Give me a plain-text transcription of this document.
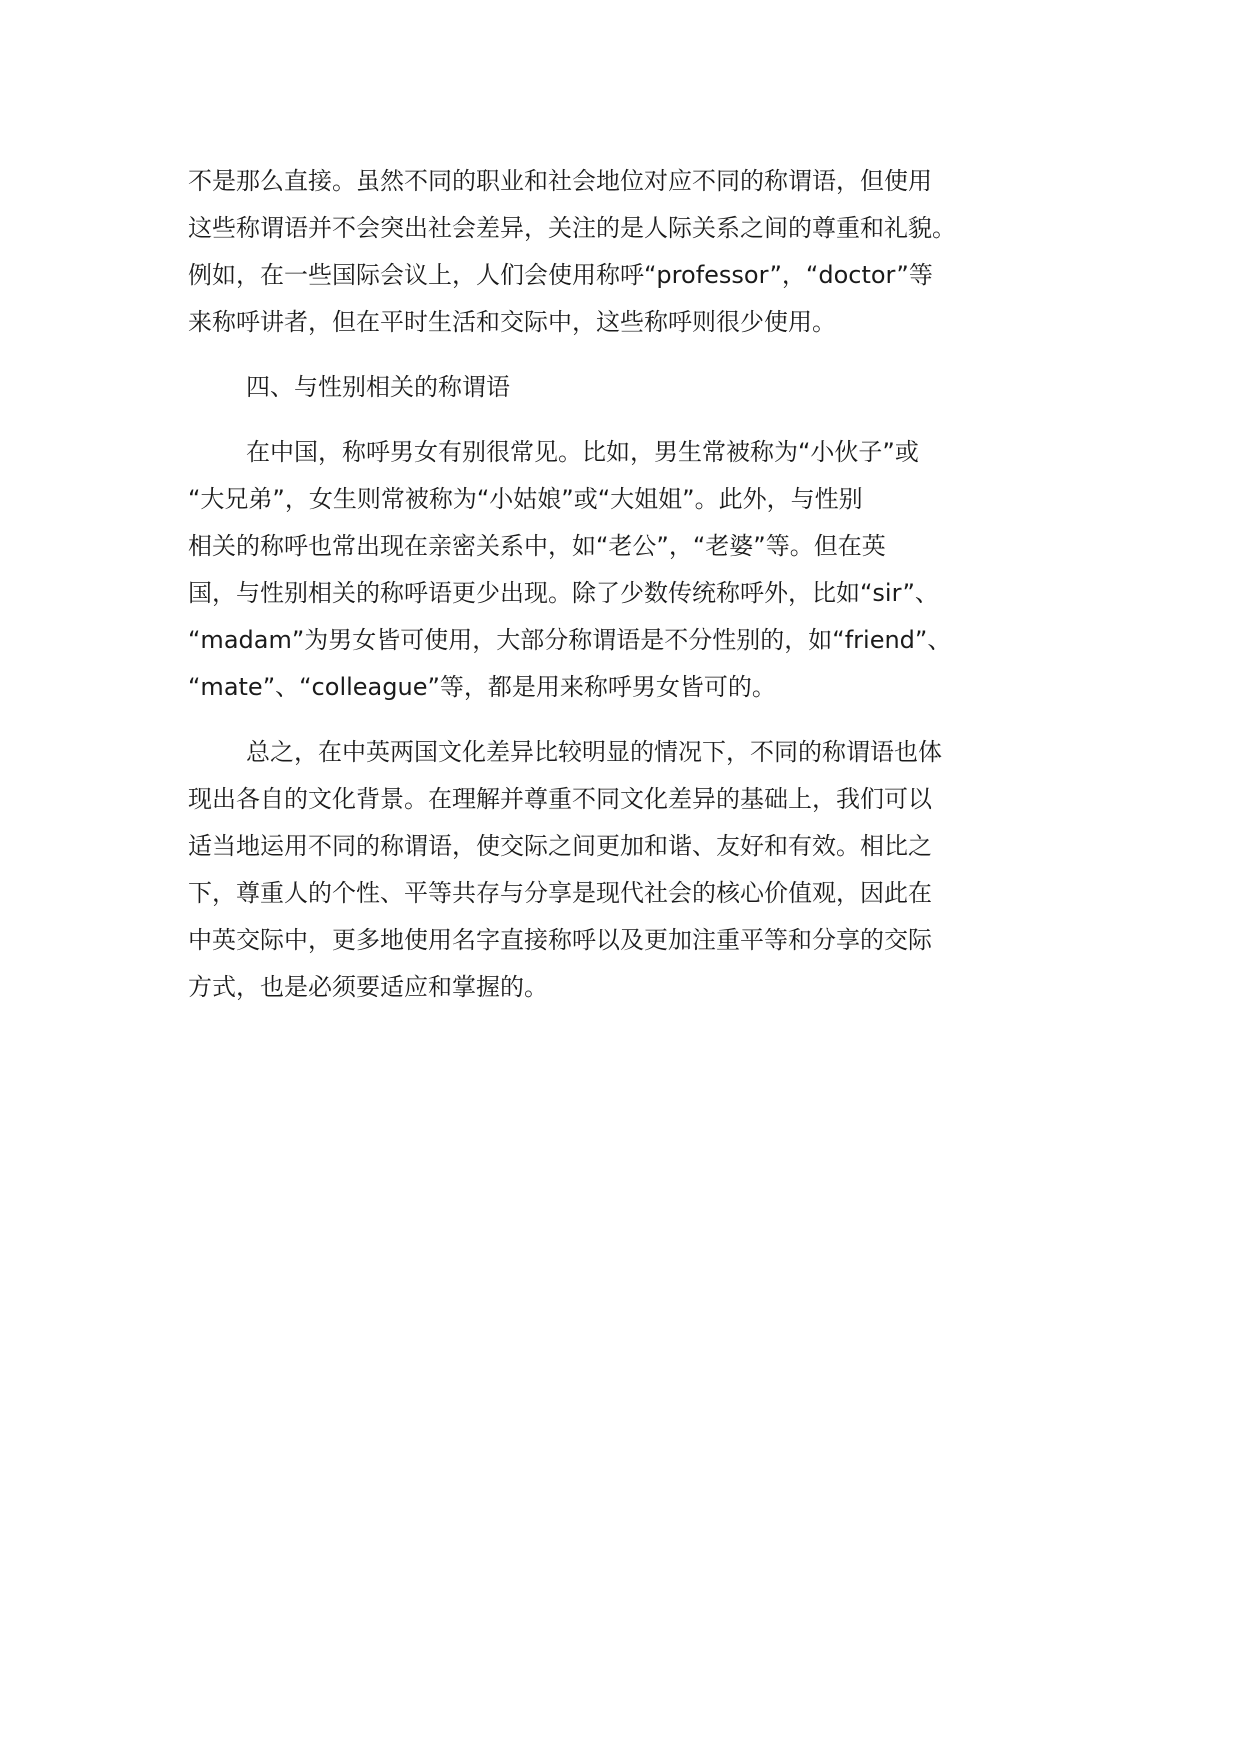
不是那么直接。虽然不同的职业和社会地位对应不同的称谓语，但使用
这些称谓语并不会突出社会差异，关注的是人际关系之间的尊重和礼貌。
例如，在一些国际会议上，人们会使用称呼“professor”，“doctor”等
来称呼讲者，但在平时生活和交际中，这些称呼则很少使用。
四、与性别相关的称谓语
在中国，称呼男女有别很常见。比如，男生常被称为“小伙子”或
“大兄弟”，女生则常被称为“小姑娘”或“大姐姐”。此外，与性别
相关的称呼也常出现在亲密关系中，如“老公”，“老婆”等。但在英
国，与性别相关的称呼语更少出现。除了少数传统称呼外，比如“sir”、
“madam”为男女皆可使用，大部分称谓语是不分性别的，如“friend”、
“mate”、“colleague”等，都是用来称呼男女皆可的。
总之，在中英两国文化差异比较明显的情况下，不同的称谓语也体
现出各自的文化背景。在理解并尊重不同文化差异的基础上，我们可以
适当地运用不同的称谓语，使交际之间更加和谐、友好和有效。相比之
下，尊重人的个性、平等共存与分享是现代社会的核心价值观，因此在
中英交际中，更多地使用名字直接称呼以及更加注重平等和分享的交际
方式，也是必须要适应和掌握的。
